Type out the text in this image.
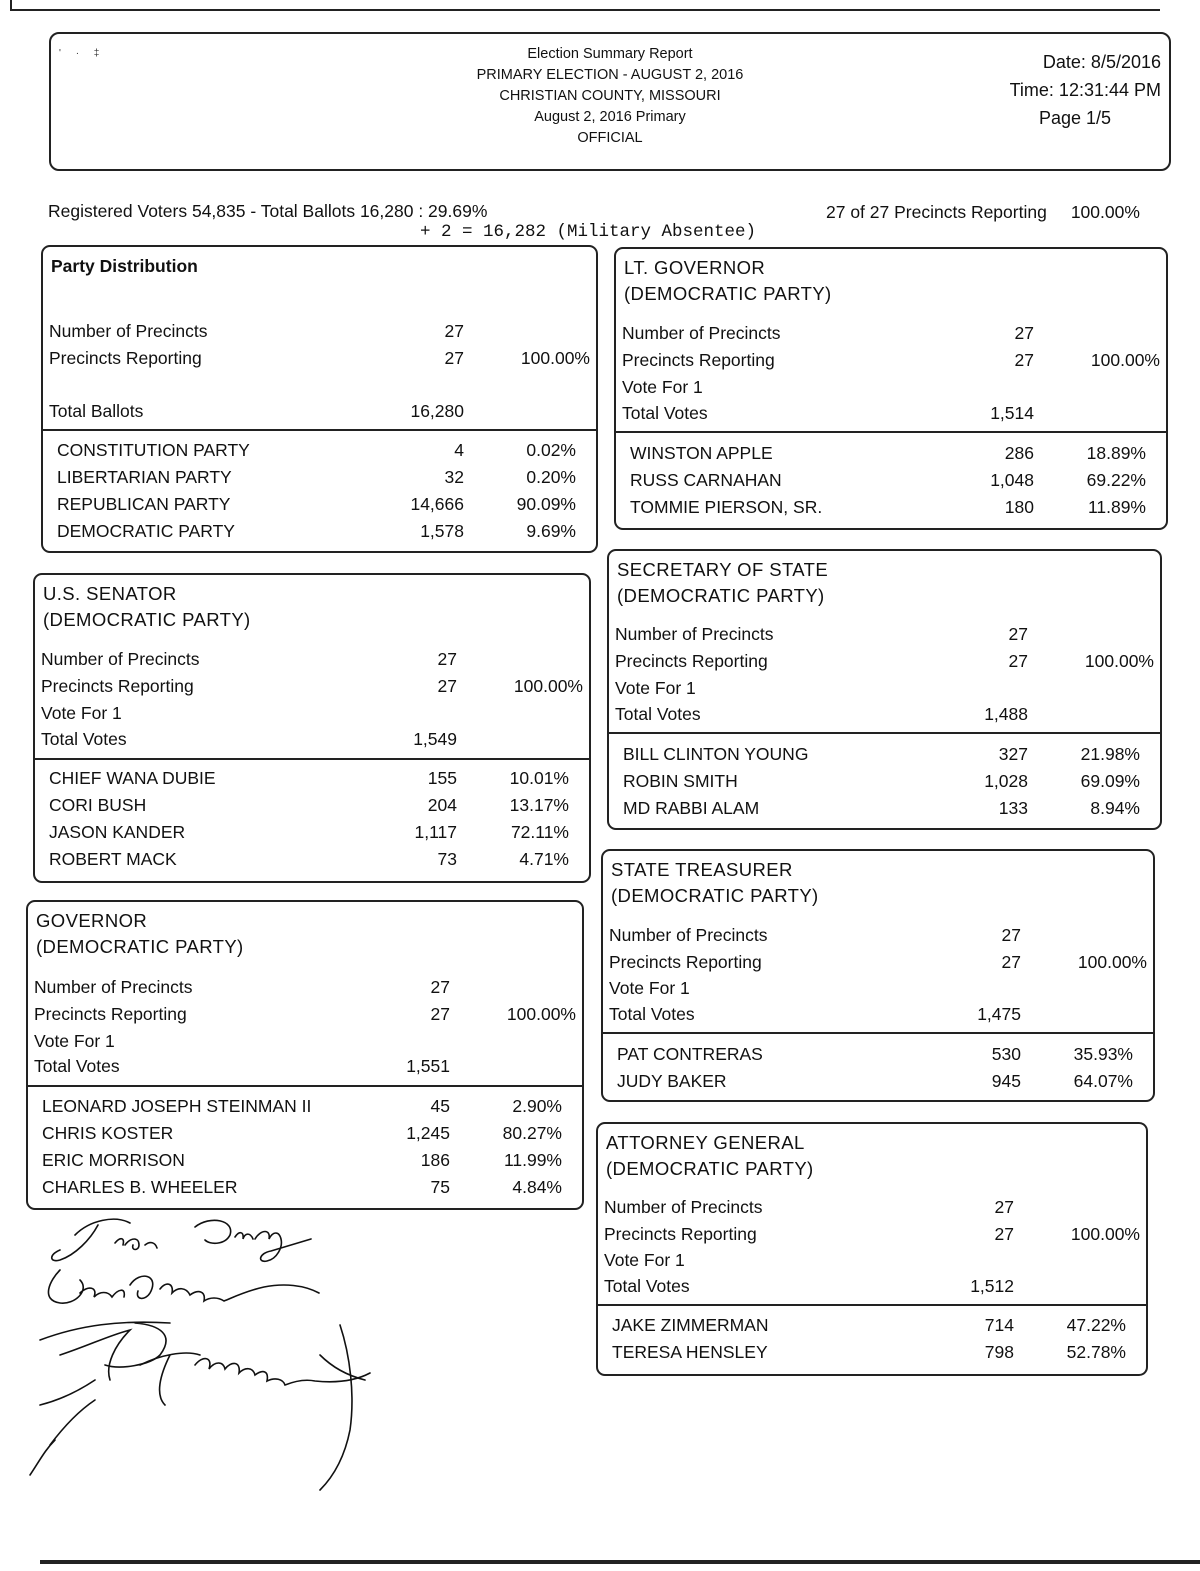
' · ‡	Election Summary Report
PRIMARY ELECTION - AUGUST 2, 2016
CHRISTIAN COUNTY, MISSOURI
August 2, 2016 Primary
OFFICIAL
Date: 8/5/2016
Time: 12:31:44 PM
Page 1/5
Registered Voters 54,835 - Total Ballots 16,280 : 29.69%
+ 2 = 16,282 (Military Absentee)
27 of 27 Precincts Reporting 100.00%
Party Distribution
Number of Precincts	27
Precincts Reporting	27	100.00%
Total Ballots	16,280
CONSTITUTION PARTY	4	0.02%
LIBERTARIAN PARTY	32	0.20%
REPUBLICAN PARTY	14,666	90.09%
DEMOCRATIC PARTY	1,578	9.69%
U.S. SENATOR
(DEMOCRATIC PARTY)
Number of Precincts	27
Precincts Reporting	27	100.00%
Vote For 1
Total Votes	1,549
CHIEF WANA DUBIE	155	10.01%
CORI BUSH	204	13.17%
JASON KANDER	1,117	72.11%
ROBERT MACK	73	4.71%
GOVERNOR
(DEMOCRATIC PARTY)
Number of Precincts	27
Precincts Reporting	27	100.00%
Vote For 1
Total Votes	1,551
LEONARD JOSEPH STEINMAN II	45	2.90%
CHRIS KOSTER	1,245	80.27%
ERIC MORRISON	186	11.99%
CHARLES B. WHEELER	75	4.84%
LT. GOVERNOR
(DEMOCRATIC PARTY)
Number of Precincts	27
Precincts Reporting	27	100.00%
Vote For 1
Total Votes	1,514
WINSTON APPLE	286	18.89%
RUSS CARNAHAN	1,048	69.22%
TOMMIE PIERSON, SR.	180	11.89%
SECRETARY OF STATE
(DEMOCRATIC PARTY)
Number of Precincts	27
Precincts Reporting	27	100.00%
Vote For 1
Total Votes	1,488
BILL CLINTON YOUNG	327	21.98%
ROBIN SMITH	1,028	69.09%
MD RABBI ALAM	133	8.94%
STATE TREASURER
(DEMOCRATIC PARTY)
Number of Precincts	27
Precincts Reporting	27	100.00%
Vote For 1
Total Votes	1,475
PAT CONTRERAS	530	35.93%
JUDY BAKER	945	64.07%
ATTORNEY GENERAL
(DEMOCRATIC PARTY)
Number of Precincts	27
Precincts Reporting	27	100.00%
Vote For 1
Total Votes	1,512
JAKE ZIMMERMAN	714	47.22%
TERESA HENSLEY	798	52.78%
